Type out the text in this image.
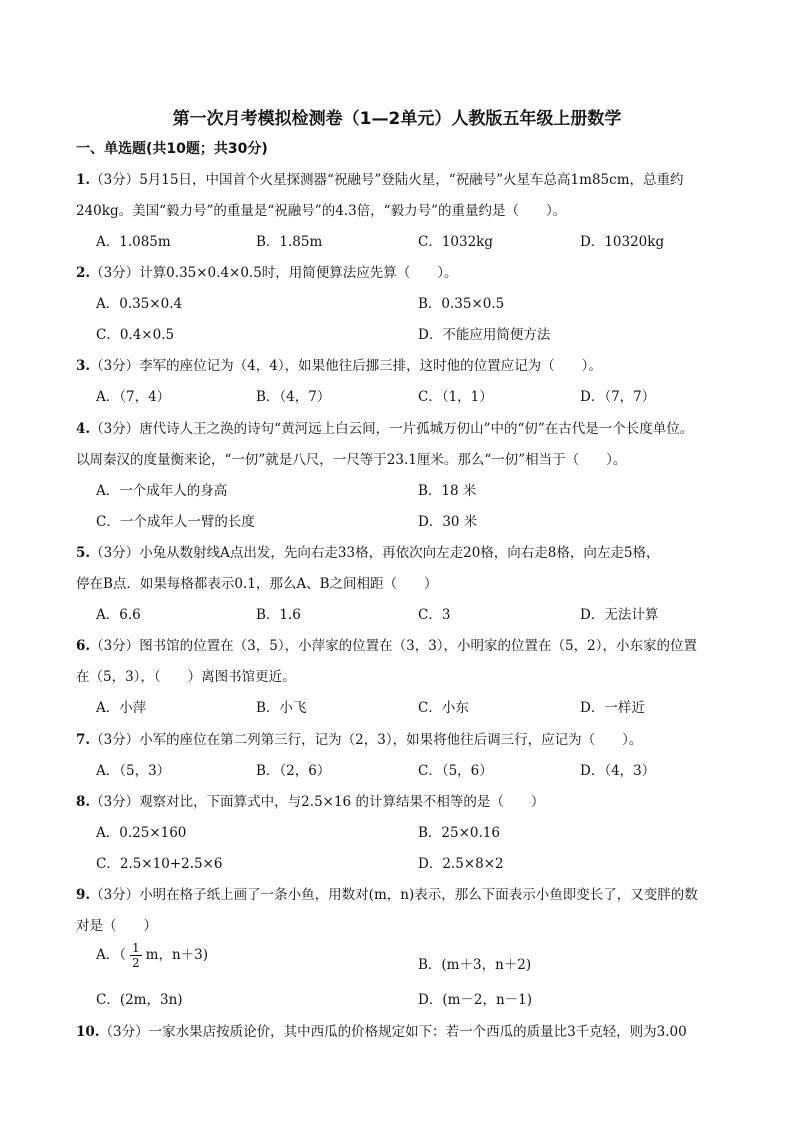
第一次月考模拟检测卷（1—2单元）人教版五年级上册数学
一、单选题(共10题；共30分)
1.（3分）5月15日，中国首个火星探测器“祝融号”登陆火星，“祝融号”火星车总高1m85cm，总重约
240kg。美国“毅力号”的重量是“祝融号”的4.3倍，“毅力号”的重量约是（　　）。
A．1.085m	B．1.85m	C．1032kg	D．10320kg
2.（3分）计算0.35×0.4×0.5时，用简便算法应先算（　　）。
A．0.35×0.4	B．0.35×0.5
C．0.4×0.5	D．不能应用简便方法
3.（3分）李军的座位记为（4，4），如果他往后挪三排，这时他的位置应记为（　　）。
A．（7，4）	B．（4，7）	C．（1，1）	D．（7，7）
4.（3分）唐代诗人王之涣的诗句“黄河远上白云间，一片孤城万仞山”中的“仞”在古代是一个长度单位。
以周秦汉的度量衡来论，“一仞”就是八尺，一尺等于23.1厘米。那么“一仞”相当于（　　）。
A．一个成年人的身高	B．18 米
C．一个成年人一臂的长度	D．30 米
5.（3分）小兔从数射线A点出发，先向右走33格，再依次向左走20格，向右走8格，向左走5格，
停在B点．如果每格都表示0.1，那么A、B之间相距（　　）
A．6.6	B．1.6	C．3	D．无法计算
6.（3分）图书馆的位置在（3，5），小萍家的位置在（3，3），小明家的位置在（5，2），小东家的位置
在（5，3），（　　）离图书馆更近。
A．小萍	B．小飞	C．小东	D．一样近
7.（3分）小军的座位在第二列第三行，记为（2，3），如果将他往后调三行，应记为（　　）。
A．（5，3）	B．（2，6）	C．（5，6）	D．（4，3）
8.（3分）观察对比，下面算式中，与2.5×16 的计算结果不相等的是（　　）
A．0.25×160	B．25×0.16
C．2.5×10+2.5×6	D．2.5×8×2
9.（3分）小明在格子纸上画了一条小鱼，用数对(m，n)表示，那么下面表示小鱼即变长了，又变胖的数
对是（　　）
A．（ $\frac{1}{2}$ m，n＋3)
B．(m＋3，n＋2)
C．(2m，3n)	D．(m－2，n－1)
10.（3分）一家水果店按质论价，其中西瓜的价格规定如下：若一个西瓜的质量比3千克轻，则为3.00
